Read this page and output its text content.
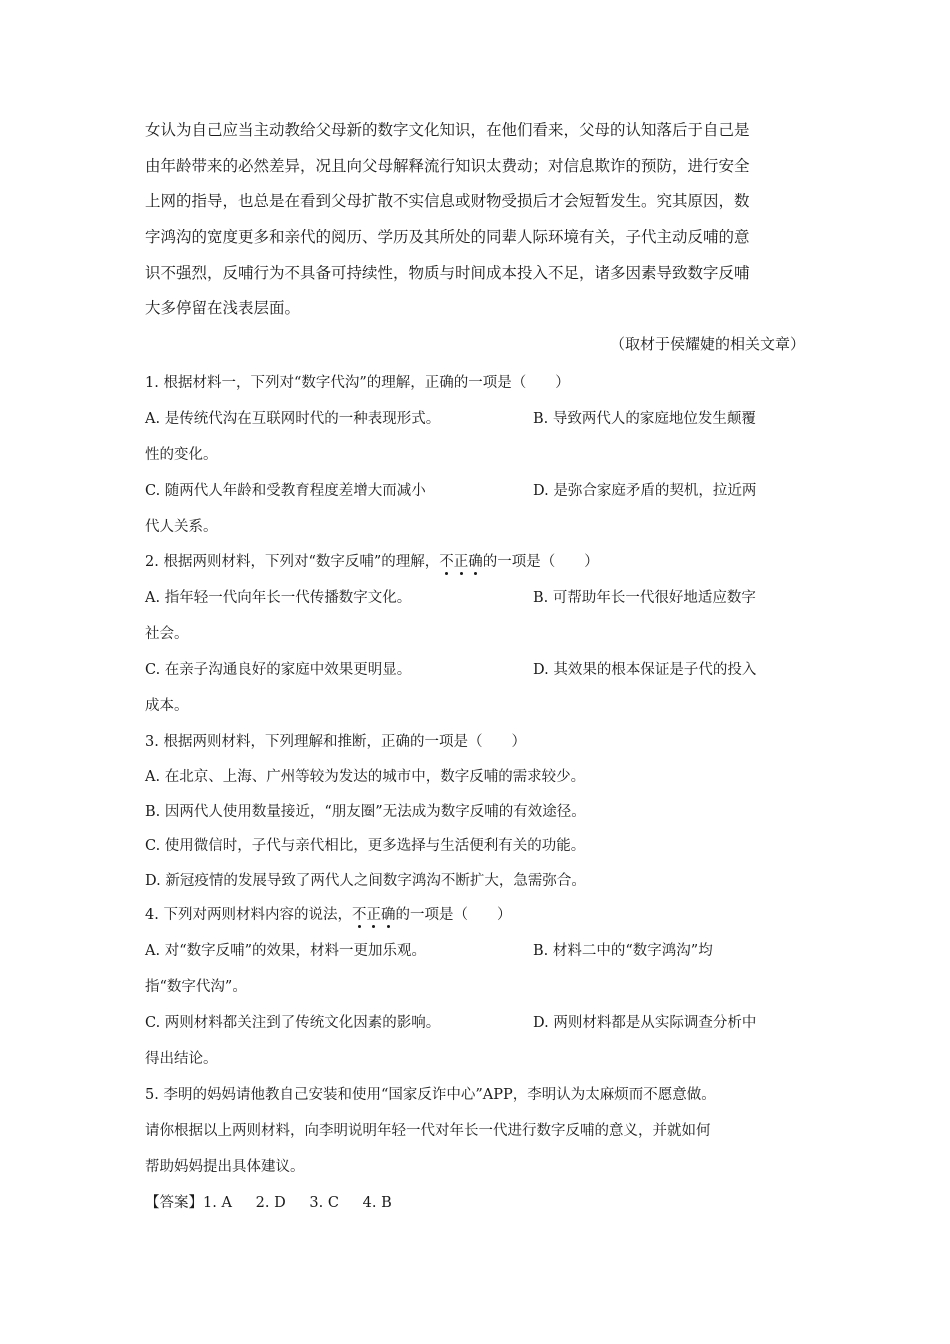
女认为自己应当主动教给父母新的数字文化知识，在他们看来，父母的认知落后于自己是
由年龄带来的必然差异，况且向父母解释流行知识太费动；对信息欺诈的预防，进行安全
上网的指导，也总是在看到父母扩散不实信息或财物受损后才会短暂发生。究其原因，数
字鸿沟的宽度更多和亲代的阅历、学历及其所处的同辈人际环境有关，子代主动反哺的意
识不强烈，反哺行为不具备可持续性，物质与时间成本投入不足，诸多因素导致数字反哺
大多停留在浅表层面。
（取材于侯耀婕的相关文章）
1. 根据材料一，下列对“数字代沟”的理解，正确的一项是（　　）
A. 是传统代沟在互联网时代的一种表现形式。	B. 导致两代人的家庭地位发生颠覆
性的变化。
C. 随两代人年龄和受教育程度差增大而减小	D. 是弥合家庭矛盾的契机，拉近两
代人关系。
2. 根据两则材料，下列对“数字反哺”的理解，不正确
的一项是（　　）
A. 指年轻一代向年长一代传播数字文化。	B. 可帮助年长一代很好地适应数字
社会。
C. 在亲子沟通良好的家庭中效果更明显。	D. 其效果的根本保证是子代的投入
成本。
3. 根据两则材料，下列理解和推断，正确的一项是（　　）
A. 在北京、上海、广州等较为发达的城市中，数字反哺的需求较少。
B. 因两代人使用数量接近，“朋友圈”无法成为数字反哺的有效途径。
C. 使用微信时，子代与亲代相比，更多选择与生活便利有关的功能。
D. 新冠疫情的发展导致了两代人之间数字鸿沟不断扩大，急需弥合。
4. 下列对两则材料内容的说法，不正确
的一项是（　　）
A. 对“数字反哺”的效果，材料一更加乐观。	B. 材料二中的“数字鸿沟”均
指“数字代沟”。
C. 两则材料都关注到了传统文化因素的影响。	D. 两则材料都是从实际调查分析中
得出结论。
5. 李明的妈妈请他教自己安装和使用“国家反诈中心”APP，李明认为太麻烦而不愿意做。
请你根据以上两则材料，向李明说明年轻一代对年长一代进行数字反哺的意义，并就如何
帮助妈妈提出具体建议。
【答案】1. A　  2. D　  3. C　  4. B
